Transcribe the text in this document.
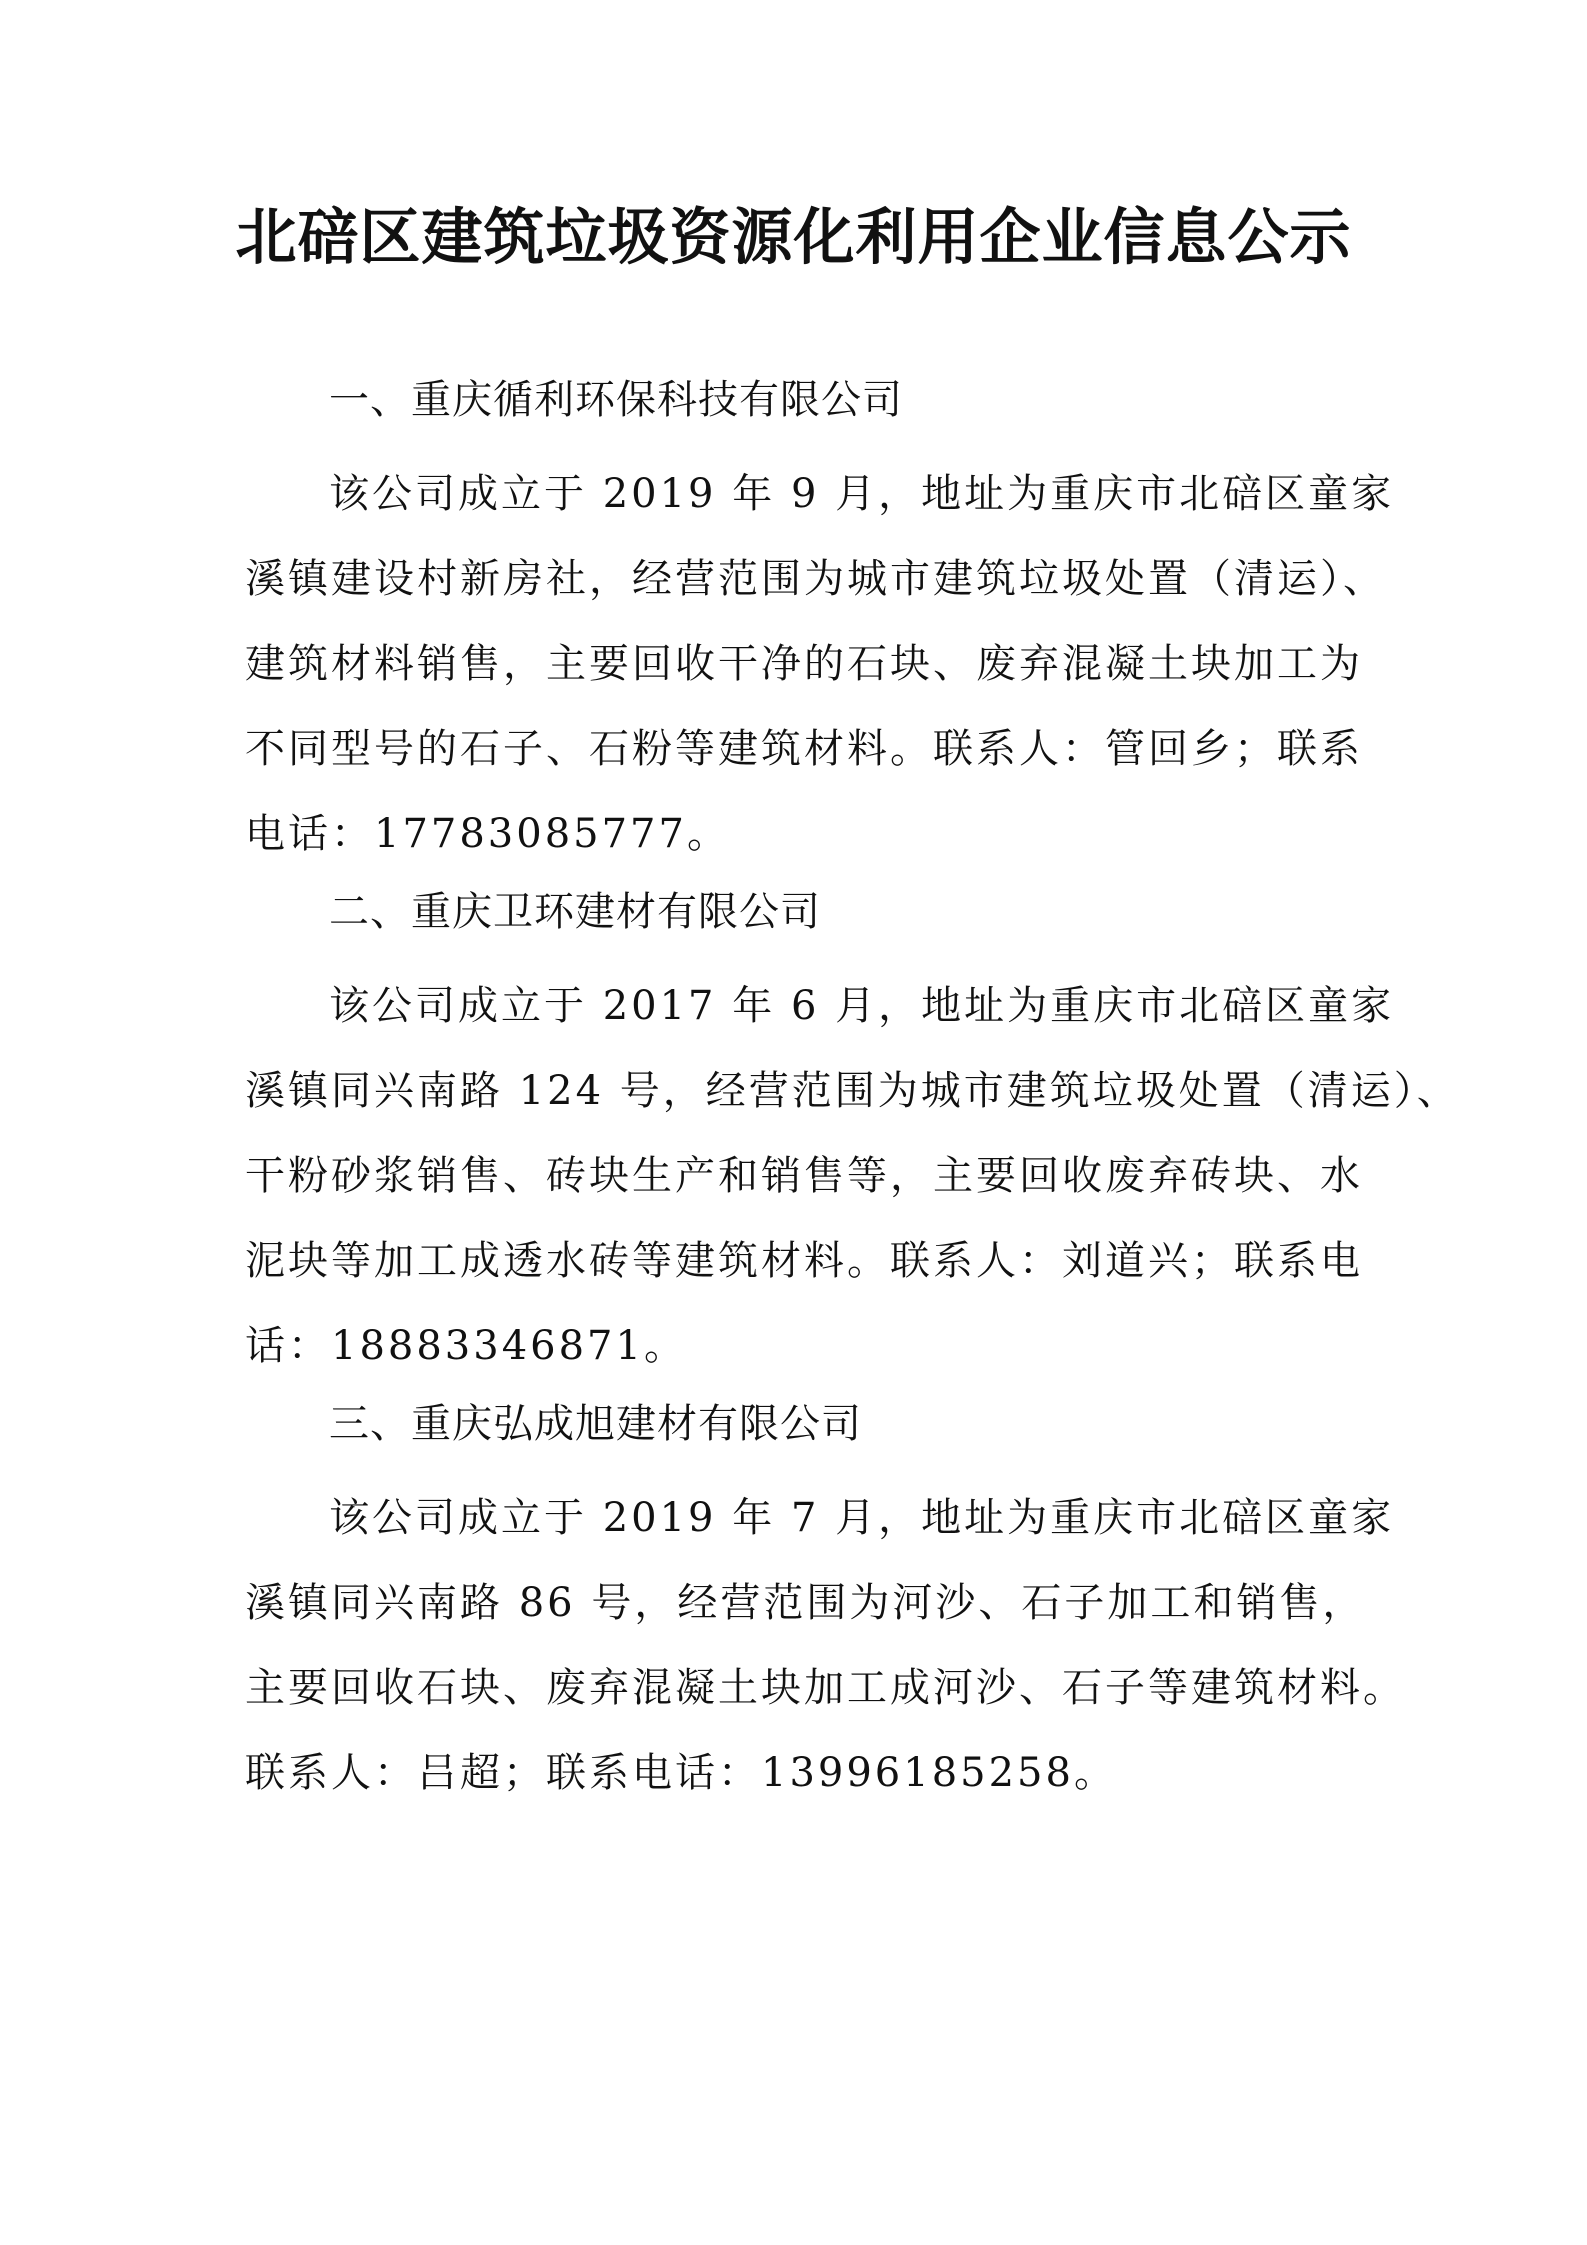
北碚区建筑垃圾资源化利用企业信息公示
一、重庆循利环保科技有限公司
该公司成立于 2019 年 9 月，地址为重庆市北碚区童家
溪镇建设村新房社，经营范围为城市建筑垃圾处置（清运）、
建筑材料销售，主要回收干净的石块、废弃混凝土块加工为
不同型号的石子、石粉等建筑材料。联系人：管回乡；联系
电话：17783085777。
二、重庆卫环建材有限公司
该公司成立于 2017 年 6 月，地址为重庆市北碚区童家
溪镇同兴南路 124 号，经营范围为城市建筑垃圾处置（清运）、
干粉砂浆销售、砖块生产和销售等，主要回收废弃砖块、水
泥块等加工成透水砖等建筑材料。联系人：刘道兴；联系电
话：18883346871。
三、重庆弘成旭建材有限公司
该公司成立于 2019 年 7 月，地址为重庆市北碚区童家
溪镇同兴南路 86 号，经营范围为河沙、石子加工和销售，
主要回收石块、废弃混凝土块加工成河沙、石子等建筑材料。
联系人：吕超；联系电话：13996185258。
